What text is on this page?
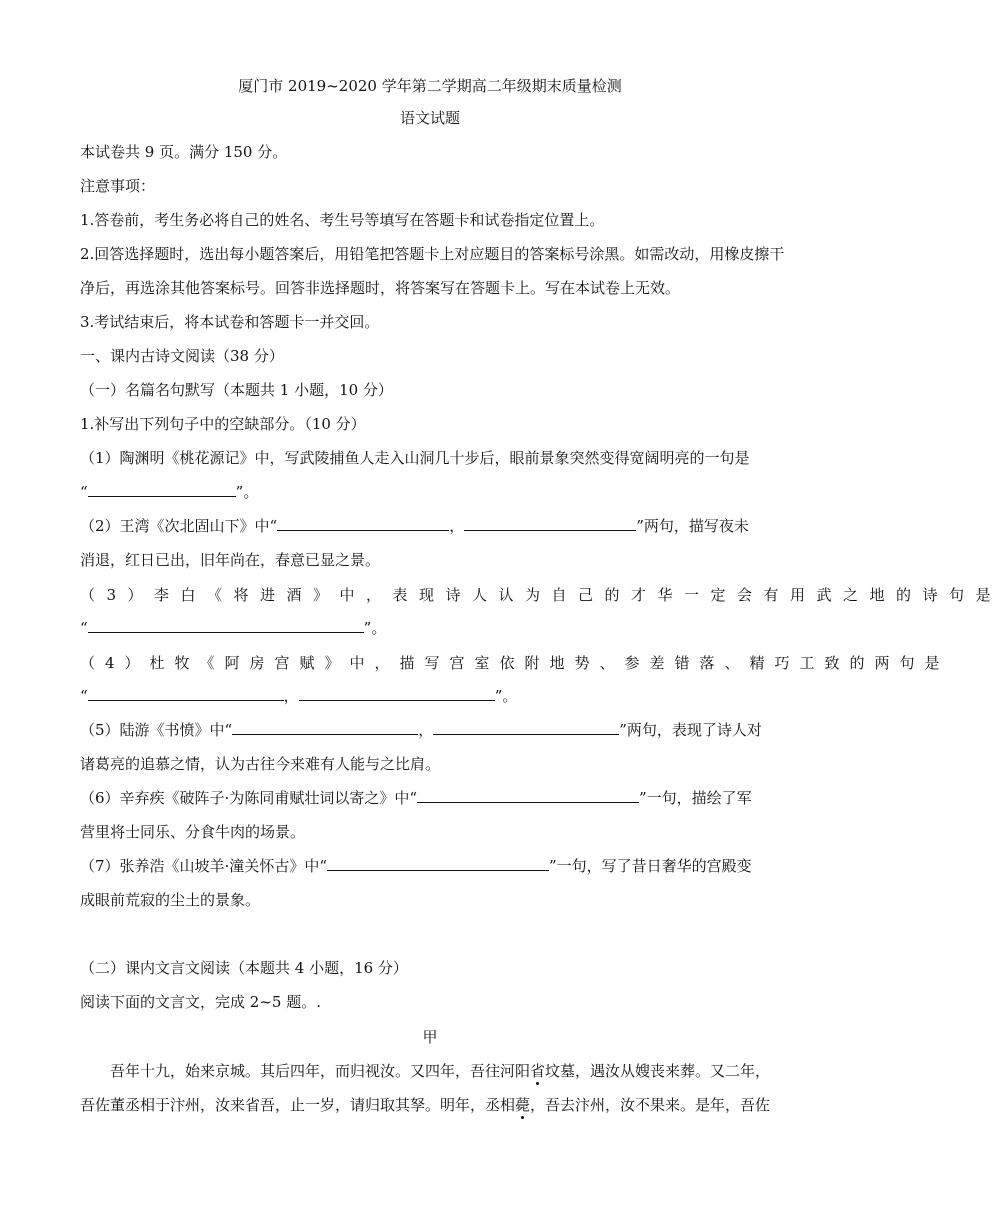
厦门市 2019~2020 学年第二学期高二年级期末质量检测
语文试题
本试卷共 9 页。满分 150 分。
注意事项：
1.答卷前，考生务必将自己的姓名、考生号等填写在答题卡和试卷指定位置上。
2.回答选择题时，选出每小题答案后，用铅笔把答题卡上对应题目的答案标号涂黑。如需改动，用橡皮擦干
净后，再选涂其他答案标号。回答非选择题时，将答案写在答题卡上。写在本试卷上无效。
3.考试结束后，将本试卷和答题卡一并交回。
一、课内古诗文阅读（38 分）
（一）名篇名句默写（本题共 1 小题，10 分）
1.补写出下列句子中的空缺部分。（10 分）
（1）陶渊明《桃花源记》中，写武陵捕鱼人走入山洞几十步后，眼前景象突然变得宽阔明亮的一句是
“	”。
（2）王湾《次北固山下》中“	，	”两句，描写夜未
消退，红日已出，旧年尚在，春意已显之景。
（3）李白《将进酒》中，表现诗人认为自己的才华一定会有用武之地的诗句是
“	”。
（4）杜牧《阿房宫赋》中，描写宫室依附地势、参差错落、精巧工致的两句是
“	，	”。
（5）陆游《书愤》中“	，	”两句，表现了诗人对
诸葛亮的追慕之情，认为古往今来难有人能与之比肩。
（6）辛弃疾《破阵子·为陈同甫赋壮词以寄之》中“	”一句，描绘了军
营里将士同乐、分食牛肉的场景。
（7）张养浩《山坡羊·潼关怀古》中“	”一句，写了昔日奢华的宫殿变
成眼前荒寂的尘土的景象。
（二）课内文言文阅读（本题共 4 小题，16 分）
阅读下面的文言文，完成 2~5 题。.
甲
吾年十九，始来京城。其后四年，而归视汝。又四年，吾往河阳省坟墓，遇汝从嫂丧来葬。又二年，
吾佐董丞相于汴州，汝来省吾，止一岁，请归取其孥。明年，丞相薨，吾去汴州，汝不果来。是年，吾佐
